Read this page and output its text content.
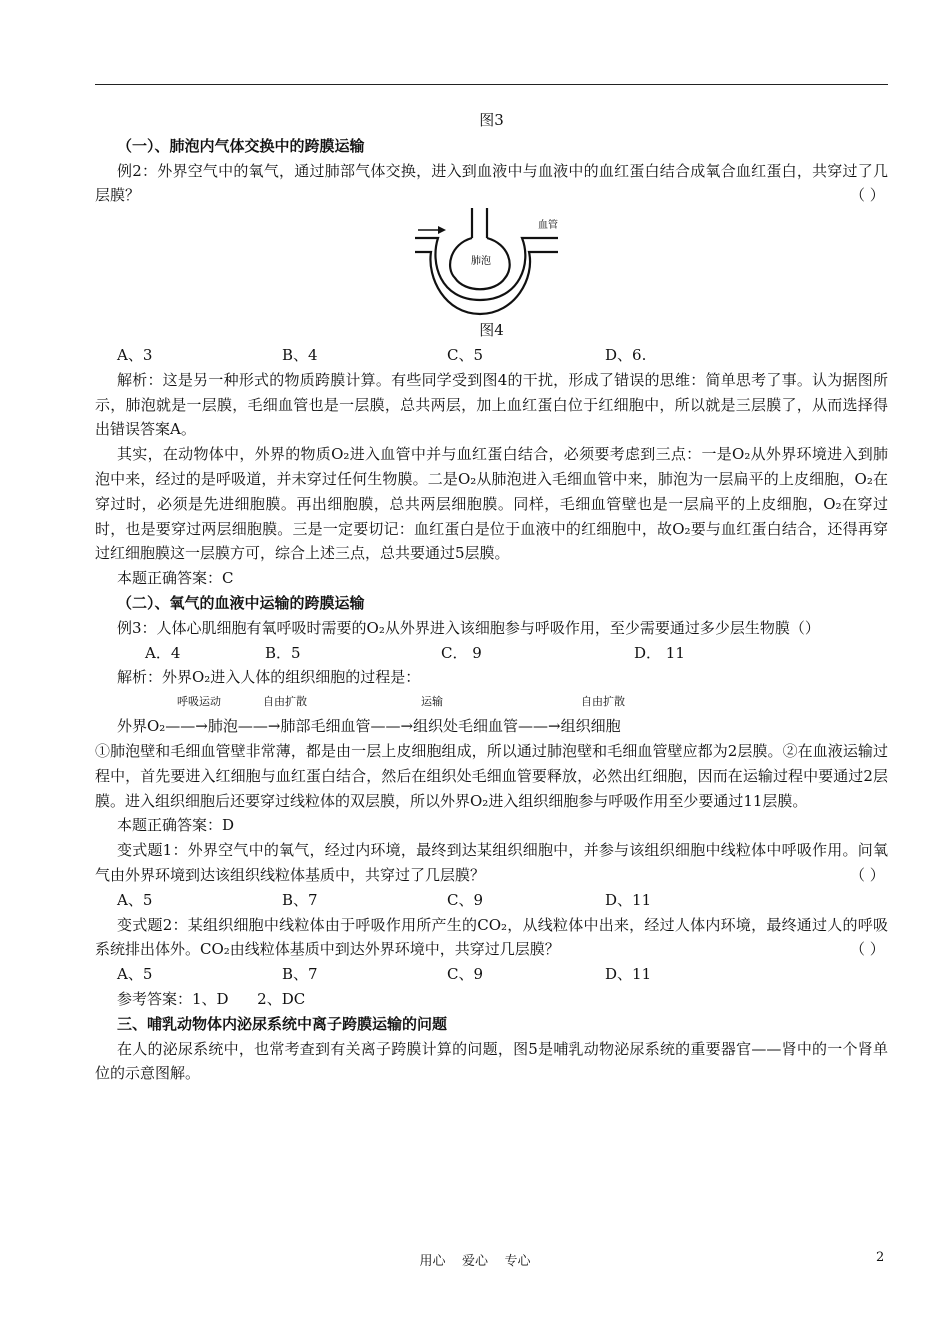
图3

（一）、肺泡内气体交换中的跨膜运输

例2：外界空气中的氧气，通过肺部气体交换，进入到血液中与血液中的血红蛋白结合成氧合血红蛋白，共穿过了几层膜？	（ ）

肺泡
血管

图4

A、3	B、4	C、5	D、6.

解析：这是另一种形式的物质跨膜计算。有些同学受到图4的干扰，形成了错误的思维：简单思考了事。认为据图所示，肺泡就是一层膜，毛细血管也是一层膜，总共两层，加上血红蛋白位于红细胞中，所以就是三层膜了，从而选择得出错误答案A。

其实，在动物体中，外界的物质O₂进入血管中并与血红蛋白结合，必须要考虑到三点：一是O₂从外界环境进入到肺泡中来，经过的是呼吸道，并未穿过任何生物膜。二是O₂从肺泡进入毛细血管中来，肺泡为一层扁平的上皮细胞，O₂在穿过时，必须是先进细胞膜。再出细胞膜，总共两层细胞膜。同样，毛细血管壁也是一层扁平的上皮细胞，O₂在穿过时，也是要穿过两层细胞膜。三是一定要切记：血红蛋白是位于血液中的红细胞中，故O₂要与血红蛋白结合，还得再穿过红细胞膜这一层膜方可，综合上述三点，总共要通过5层膜。

本题正确答案：C

（二）、氧气的血液中运输的跨膜运输

例3：人体心肌细胞有氧呼吸时需要的O₂从外界进入该细胞参与呼吸作用，至少需要通过多少层生物膜（）

A．4	B．5	C． 9	D． 11

解析：外界O₂进入人体的组织细胞的过程是：

呼吸运动	自由扩散	运输	自由扩散

外界O₂——→肺泡——→肺部毛细血管——→组织处毛细血管——→组织细胞

①肺泡壁和毛细血管壁非常薄，都是由一层上皮细胞组成，所以通过肺泡壁和毛细血管壁应都为2层膜。②在血液运输过程中，首先要进入红细胞与血红蛋白结合，然后在组织处毛细血管要释放，必然出红细胞，因而在运输过程中要通过2层膜。进入组织细胞后还要穿过线粒体的双层膜，所以外界O₂进入组织细胞参与呼吸作用至少要通过11层膜。

本题正确答案：D

变式题1：外界空气中的氧气，经过内环境，最终到达某组织细胞中，并参与该组织细胞中线粒体中呼吸作用。问氧气由外界环境到达该组织线粒体基质中，共穿过了几层膜？	（ ）

A、5	B、7	C、9	D、11

变式题2：某组织细胞中线粒体由于呼吸作用所产生的CO₂，从线粒体中出来，经过人体内环境，最终通过人的呼吸系统排出体外。CO₂由线粒体基质中到达外界环境中，共穿过几层膜？	（ ）

A、5	B、7	C、9	D、11

参考答案：1、D      2、DC

三、哺乳动物体内泌尿系统中离子跨膜运输的问题

在人的泌尿系统中，也常考查到有关离子跨膜计算的问题，图5是哺乳动物泌尿系统的重要器官——肾中的一个肾单位的示意图解。

用心    爱心    专心	2
